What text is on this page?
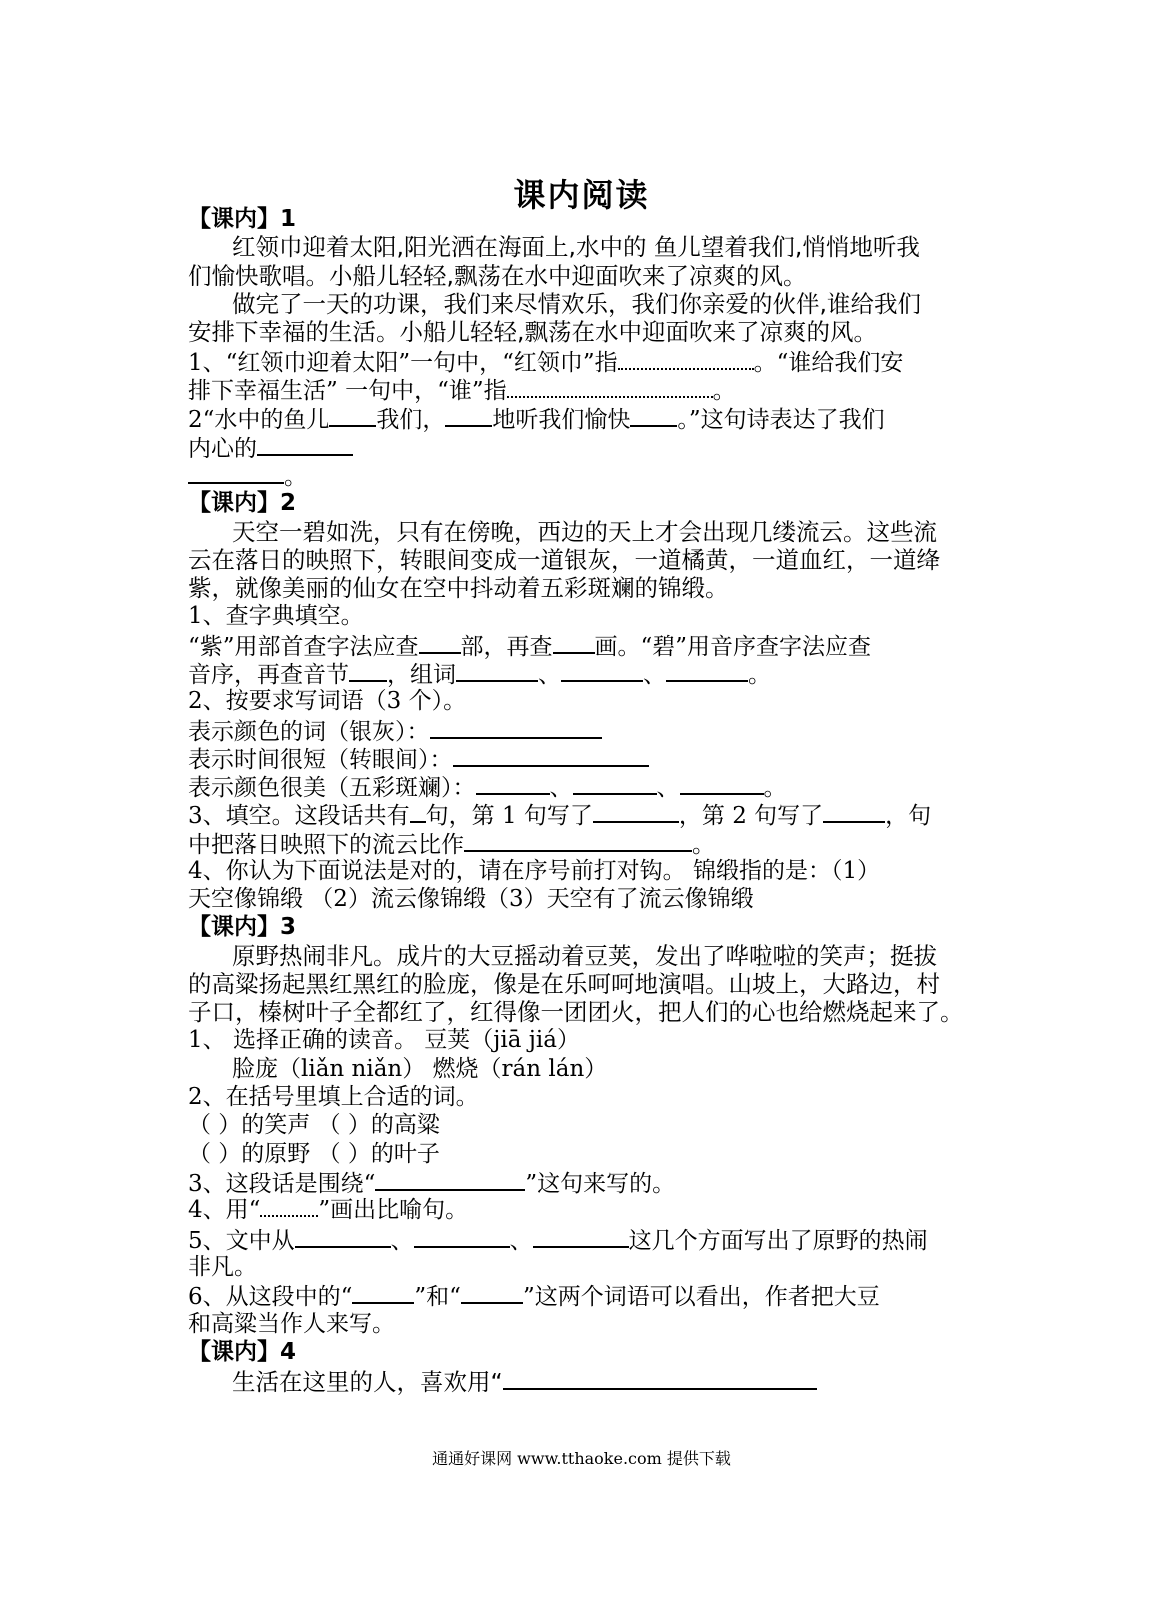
课内阅读
【课内】1
红领巾迎着太阳,阳光洒在海面上,水中的 鱼儿望着我们,悄悄地听我
们愉快歌唱。小船儿轻轻,飘荡在水中迎面吹来了凉爽的风。
做完了一天的功课，我们来尽情欢乐，我们你亲爱的伙伴,谁给我们
安排下幸福的生活。小船儿轻轻,飘荡在水中迎面吹来了凉爽的风。
1、“红领巾迎着太阳”一句中，“红领巾”指	。“谁给我们安
排下幸福生活” 一句中，“谁”指	。
2“水中的鱼儿 我们， 地听我们愉快 。”这句诗表达了我们
内心的
。
【课内】2
天空一碧如洗，只有在傍晚，西边的天上才会出现几缕流云。这些流
云在落日的映照下，转眼间变成一道银灰，一道橘黄，一道血红，一道绛
紫，就像美丽的仙女在空中抖动着五彩斑斓的锦缎。
1、查字典填空。
“紫”用部首查字法应查 部，再查 画。“碧”用音序查字法应查
音序，再查音节 ，组词	、	、	。
2、按要求写词语（3 个）。
表示颜色的词（银灰）：
表示时间很短（转眼间）：
表示颜色很美（五彩斑斓）：	、	、	。
3、填空。这段话共有 句，第 1 句写了	，第 2 句写了	，句
中把落日映照下的流云比作	。
4、你认为下面说法是对的，请在序号前打对钩。 锦缎指的是：（1）
天空像锦缎 （2）流云像锦缎（3）天空有了流云像锦缎
【课内】3
原野热闹非凡。成片的大豆摇动着豆荚，发出了哗啦啦的笑声；挺拔
的高粱扬起黑红黑红的脸庞，像是在乐呵呵地演唱。山坡上，大路边，村
子口，榛树叶子全都红了，红得像一团团火，把人们的心也给燃烧起来了。
1、 选择正确的读音。 豆荚（jiā jiá）
脸庞（liǎn niǎn） 燃烧（rán lán）
2、在括号里填上合适的词。
（ ）的笑声 （ ）的高粱
（ ）的原野 （ ）的叶子
3、这段话是围绕“	”这句来写的。
4、用“	”画出比喻句。
5、文中从	、	、	这几个方面写出了原野的热闹
非凡。
6、从这段中的“	”和“	”这两个词语可以看出，作者把大豆
和高粱当作人来写。
【课内】4
生活在这里的人，喜欢用“
通通好课网 www.tthaoke.com 提供下载
